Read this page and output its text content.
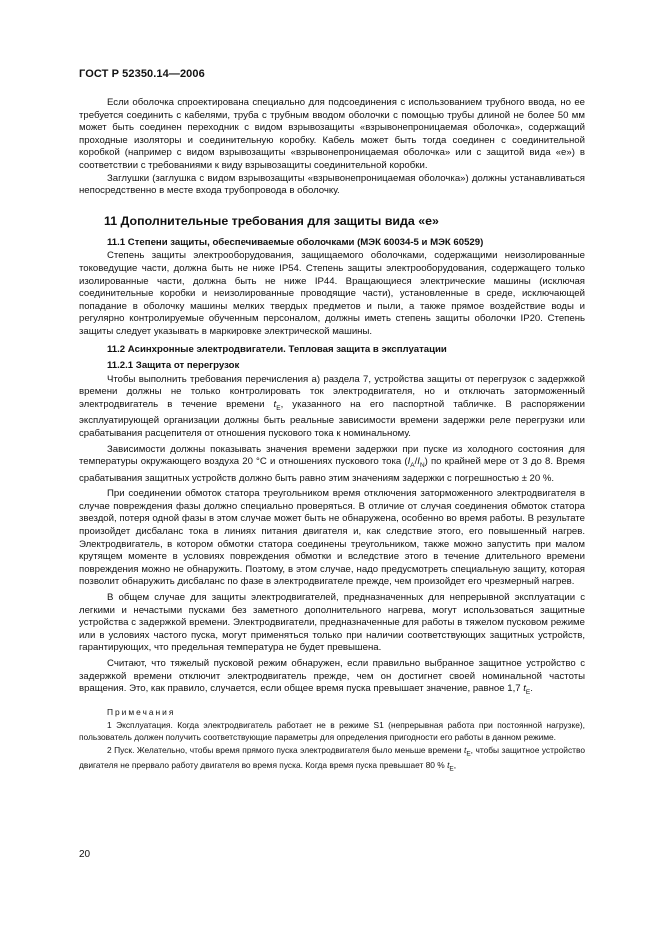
ГОСТ Р 52350.14—2006

Если оболочка спроектирована специально для подсоединения с использованием трубного ввода, но ее требуется соединить с кабелями, труба с трубным вводом оболочки с помощью трубы длиной не более 50 мм может быть соединен переходник с видом взрывозащиты «взрывонепроницаемая оболочка», содержащий проходные изоляторы и соединительную коробку. Кабель может быть тогда соединен с соединительной коробкой (например с видом взрывозащиты «взрывонепроницаемая оболочка» или с защитой вида «е») в соответствии с требованиями к виду взрывозащиты соединительной коробки.

Заглушки (заглушка с видом взрывозащиты «взрывонепроницаемая оболочка») должны устанавливаться непосредственно в месте входа трубопровода в оболочку.

11 Дополнительные требования для защиты вида «е»
11.1 Степени защиты, обеспечиваемые оболочками (МЭК 60034-5 и МЭК 60529)

Степень защиты электрооборудования, защищаемого оболочками, содержащими неизолированные токоведущие части, должна быть не ниже IP54. Степень защиты электрооборудования, содержащего только изолированные части, должна быть не ниже IP44. Вращающиеся электрические машины (исключая соединительные коробки и неизолированные проводящие части), установленные в среде, исключающей попадание в оболочку машины мелких твердых предметов и пыли, а также прямое воздействие воды и регулярно контролируемые обученным персоналом, должны иметь степень защиты оболочки IP20. Степень защиты следует указывать в маркировке электрической машины.

11.2 Асинхронные электродвигатели. Тепловая защита в эксплуатации
11.2.1 Защита от перегрузок

Чтобы выполнить требования перечисления а) раздела 7, устройства защиты от перегрузок с задержкой времени должны не только контролировать ток электродвигателя, но и отключать заторможенный электродвигатель в течение времени $t_E$, указанного на его паспортной табличке. В распоряжении эксплуатирующей организации должны быть реальные зависимости времени задержки реле перегрузки или срабатывания расцепителя от отношения пускового тока к номинальному.

Зависимости должны показывать значения времени задержки при пуске из холодного состояния для температуры окружающего воздуха 20 °С и отношениях пускового тока $(I_A/I_N)$ по крайней мере от 3 до 8. Время срабатывания защитных устройств должно быть равно этим значениям задержки с погрешностью ± 20 %.

При соединении обмоток статора треугольником время отключения заторможенного электродвигателя в случае повреждения фазы должно специально проверяться. В отличие от случая соединения обмоток статора звездой, потеря одной фазы в этом случае может быть не обнаружена, особенно во время работы. В результате произойдет дисбаланс тока в линиях питания двигателя и, как следствие этого, его повышенный нагрев. Электродвигатель, в котором обмотки статора соединены треугольником, также можно запустить при малом крутящем моменте в условиях повреждения обмотки и вследствие этого в течение длительного времени повреждения можно не обнаружить. Поэтому, в этом случае, надо предусмотреть специальную защиту, которая позволит обнаружить дисбаланс по фазе в электродвигателе прежде, чем произойдет его чрезмерный нагрев.

В общем случае для защиты электродвигателей, предназначенных для непрерывной эксплуатации с легкими и нечастыми пусками без заметного дополнительного нагрева, могут использоваться защитные устройства с задержкой времени. Электродвигатели, предназначенные для работы в тяжелом пусковом режиме или в условиях частого пуска, могут применяться только при наличии соответствующих защитных устройств, гарантирующих, что предельная температура не будет превышена.

Считают, что тяжелый пусковой режим обнаружен, если правильно выбранное защитное устройство с задержкой времени отключит электродвигатель прежде, чем он достигнет своей номинальной частоты вращения. Это, как правило, случается, если общее время пуска превышает значение, равное 1,7 $t_E$.

Примечания

1 Эксплуатация. Когда электродвигатель работает не в режиме S1 (непрерывная работа при постоянной нагрузке), пользователь должен получить соответствующие параметры для определения пригодности его работы в данном режиме.

2 Пуск. Желательно, чтобы время прямого пуска электродвигателя было меньше времени $t_E$, чтобы защитное устройство двигателя не прервало работу двигателя во время пуска. Когда время пуска превышает 80 % $t_E$,

20
